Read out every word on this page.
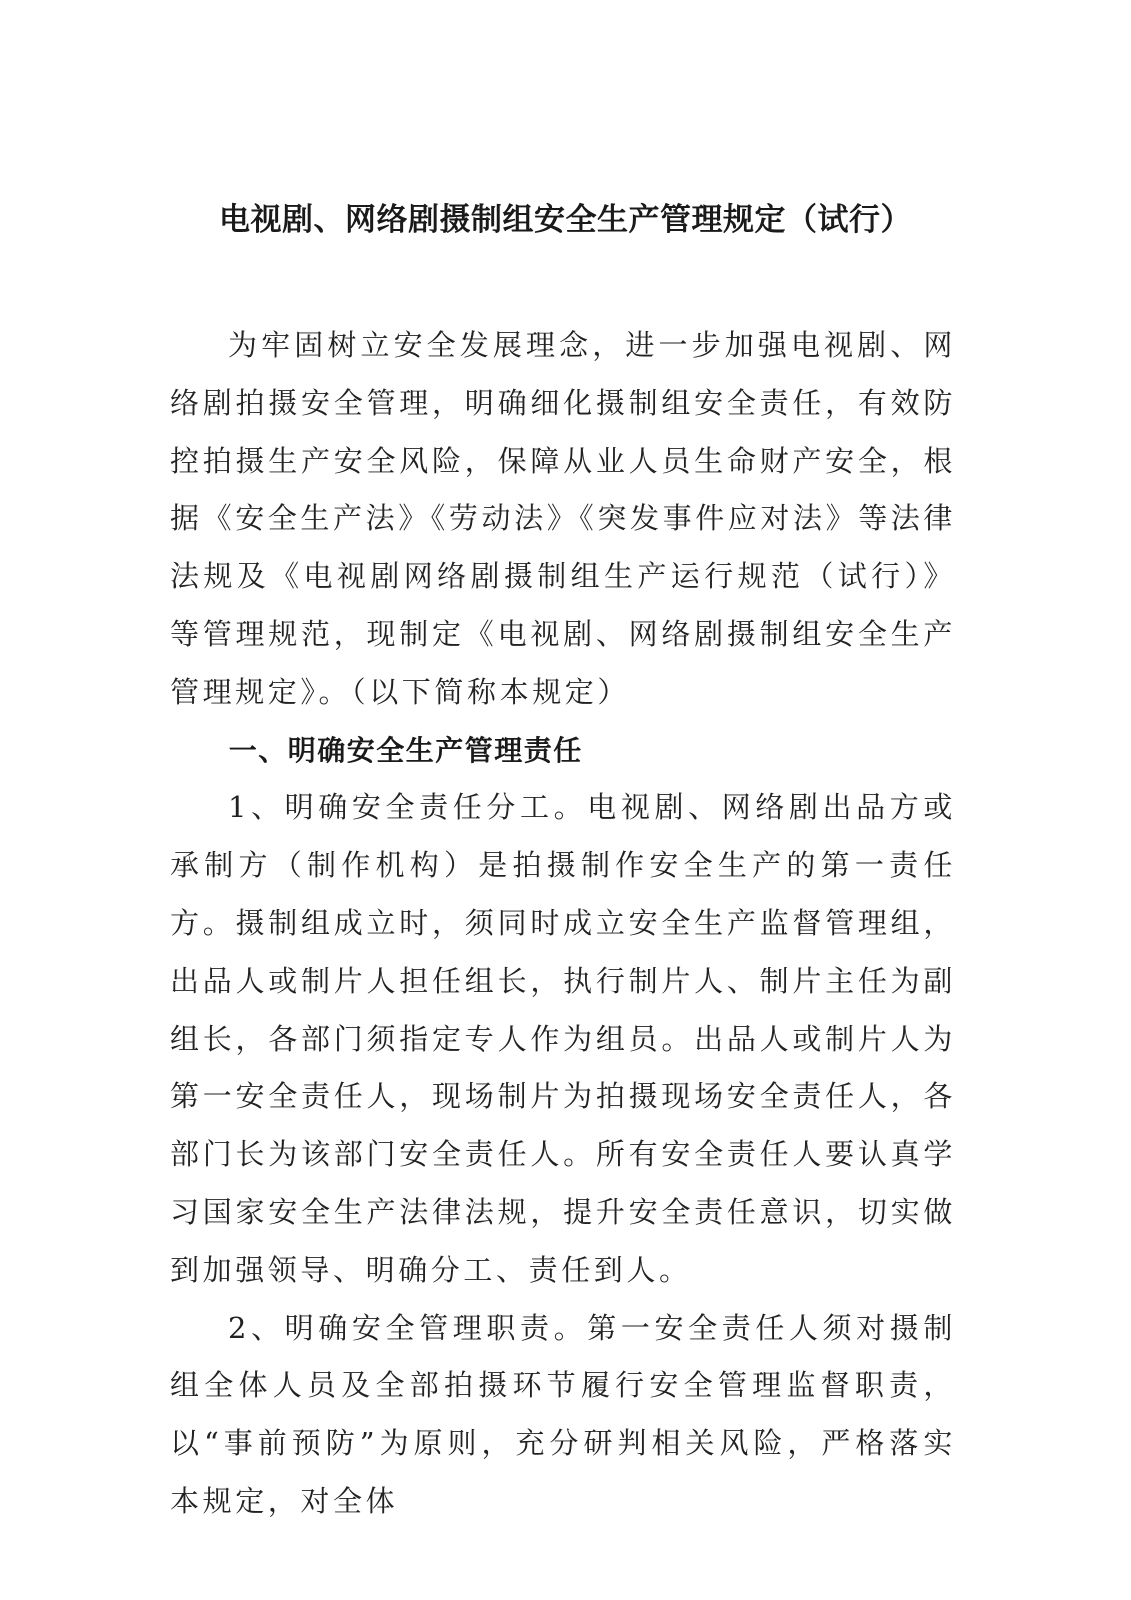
电视剧、网络剧摄制组安全生产管理规定（试行）

为牢固树立安全发展理念，进一步加强电视剧、网络剧拍摄安全管理，明确细化摄制组安全责任，有效防控拍摄生产安全风险，保障从业人员生命财产安全，根据《安全生产法》《劳动法》《突发事件应对法》等法律法规及《电视剧网络剧摄制组生产运行规范（试行）》等管理规范，现制定《电视剧、网络剧摄制组安全生产管理规定》。（以下简称本规定）

一、明确安全生产管理责任

1、明确安全责任分工。电视剧、网络剧出品方或承制方（制作机构）是拍摄制作安全生产的第一责任方。摄制组成立时，须同时成立安全生产监督管理组，出品人或制片人担任组长，执行制片人、制片主任为副组长，各部门须指定专人作为组员。出品人或制片人为第一安全责任人，现场制片为拍摄现场安全责任人，各部门长为该部门安全责任人。所有安全责任人要认真学习国家安全生产法律法规，提升安全责任意识，切实做到加强领导、明确分工、责任到人。

2、明确安全管理职责。第一安全责任人须对摄制组全体人员及全部拍摄环节履行安全管理监督职责，以“事前预防”为原则，充分研判相关风险，严格落实本规定，对全体
